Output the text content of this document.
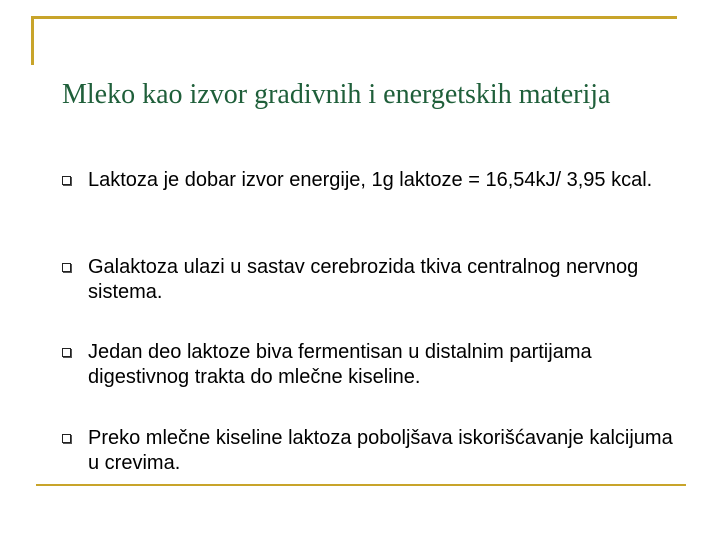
Mleko kao izvor gradivnih i energetskih materija
Laktoza je dobar izvor energije, 1g laktoze = 16,54kJ/ 3,95 kcal.
Galaktoza ulazi u sastav cerebrozida tkiva centralnog nervnog sistema.
Jedan deo laktoze biva fermentisan u distalnim partijama digestivnog trakta do mlečne kiseline.
Preko mlečne kiseline laktoza poboljšava iskorišćavanje kalcijuma u crevima.
